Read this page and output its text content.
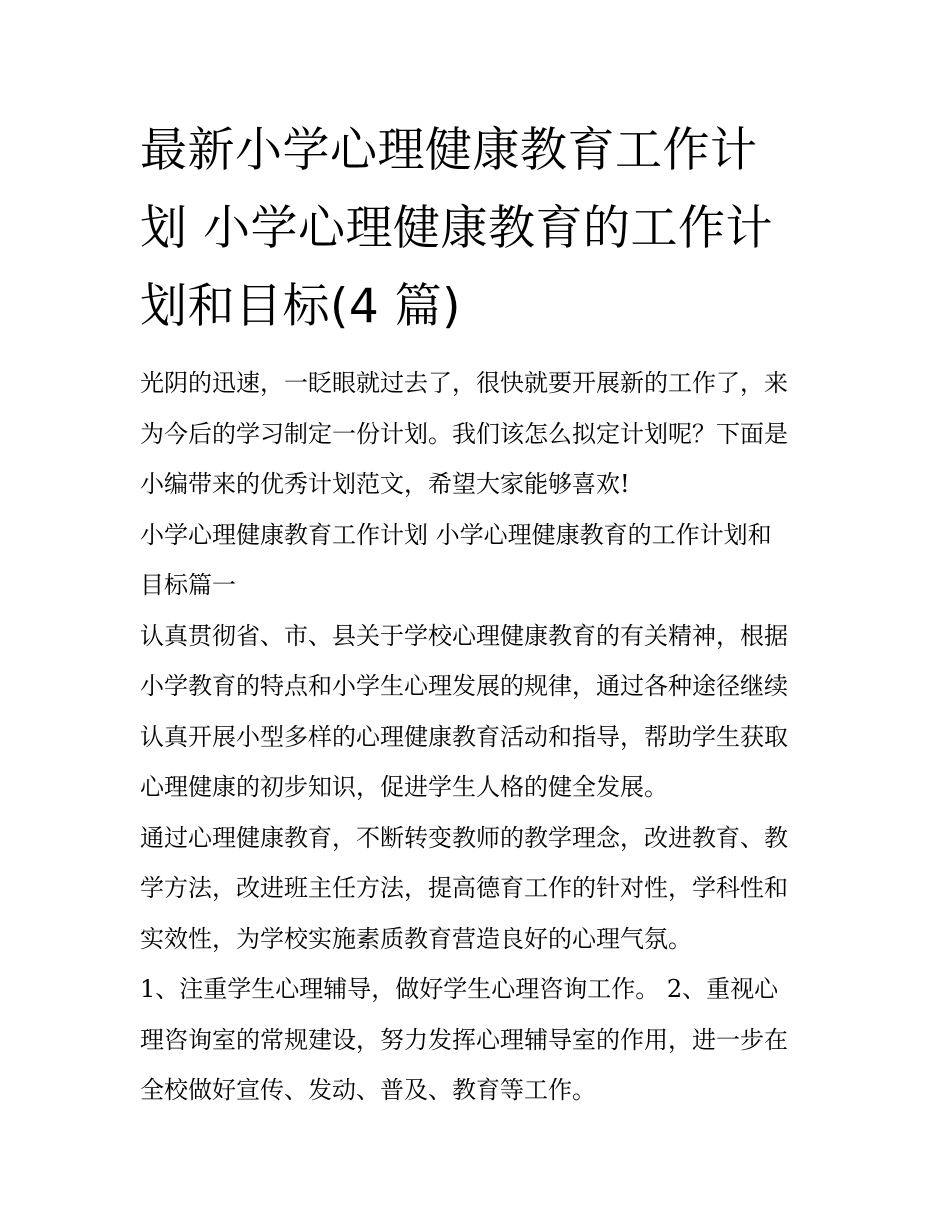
最新小学心理健康教育工作计
划 小学心理健康教育的工作计
划和目标(4 篇)

光阴的迅速，一眨眼就过去了，很快就要开展新的工作了，来
为今后的学习制定一份计划。我们该怎么拟定计划呢？下面是
小编带来的优秀计划范文，希望大家能够喜欢!

小学心理健康教育工作计划 小学心理健康教育的工作计划和
目标篇一

认真贯彻省、市、县关于学校心理健康教育的有关精神，根据
小学教育的特点和小学生心理发展的规律，通过各种途径继续
认真开展小型多样的心理健康教育活动和指导，帮助学生获取
心理健康的初步知识，促进学生人格的健全发展。

通过心理健康教育，不断转变教师的教学理念，改进教育、教
学方法，改进班主任方法，提高德育工作的针对性，学科性和
实效性，为学校实施素质教育营造良好的心理气氛。

1、注重学生心理辅导，做好学生心理咨询工作。 2、重视心
理咨询室的常规建设，努力发挥心理辅导室的作用，进一步在
全校做好宣传、发动、普及、教育等工作。
